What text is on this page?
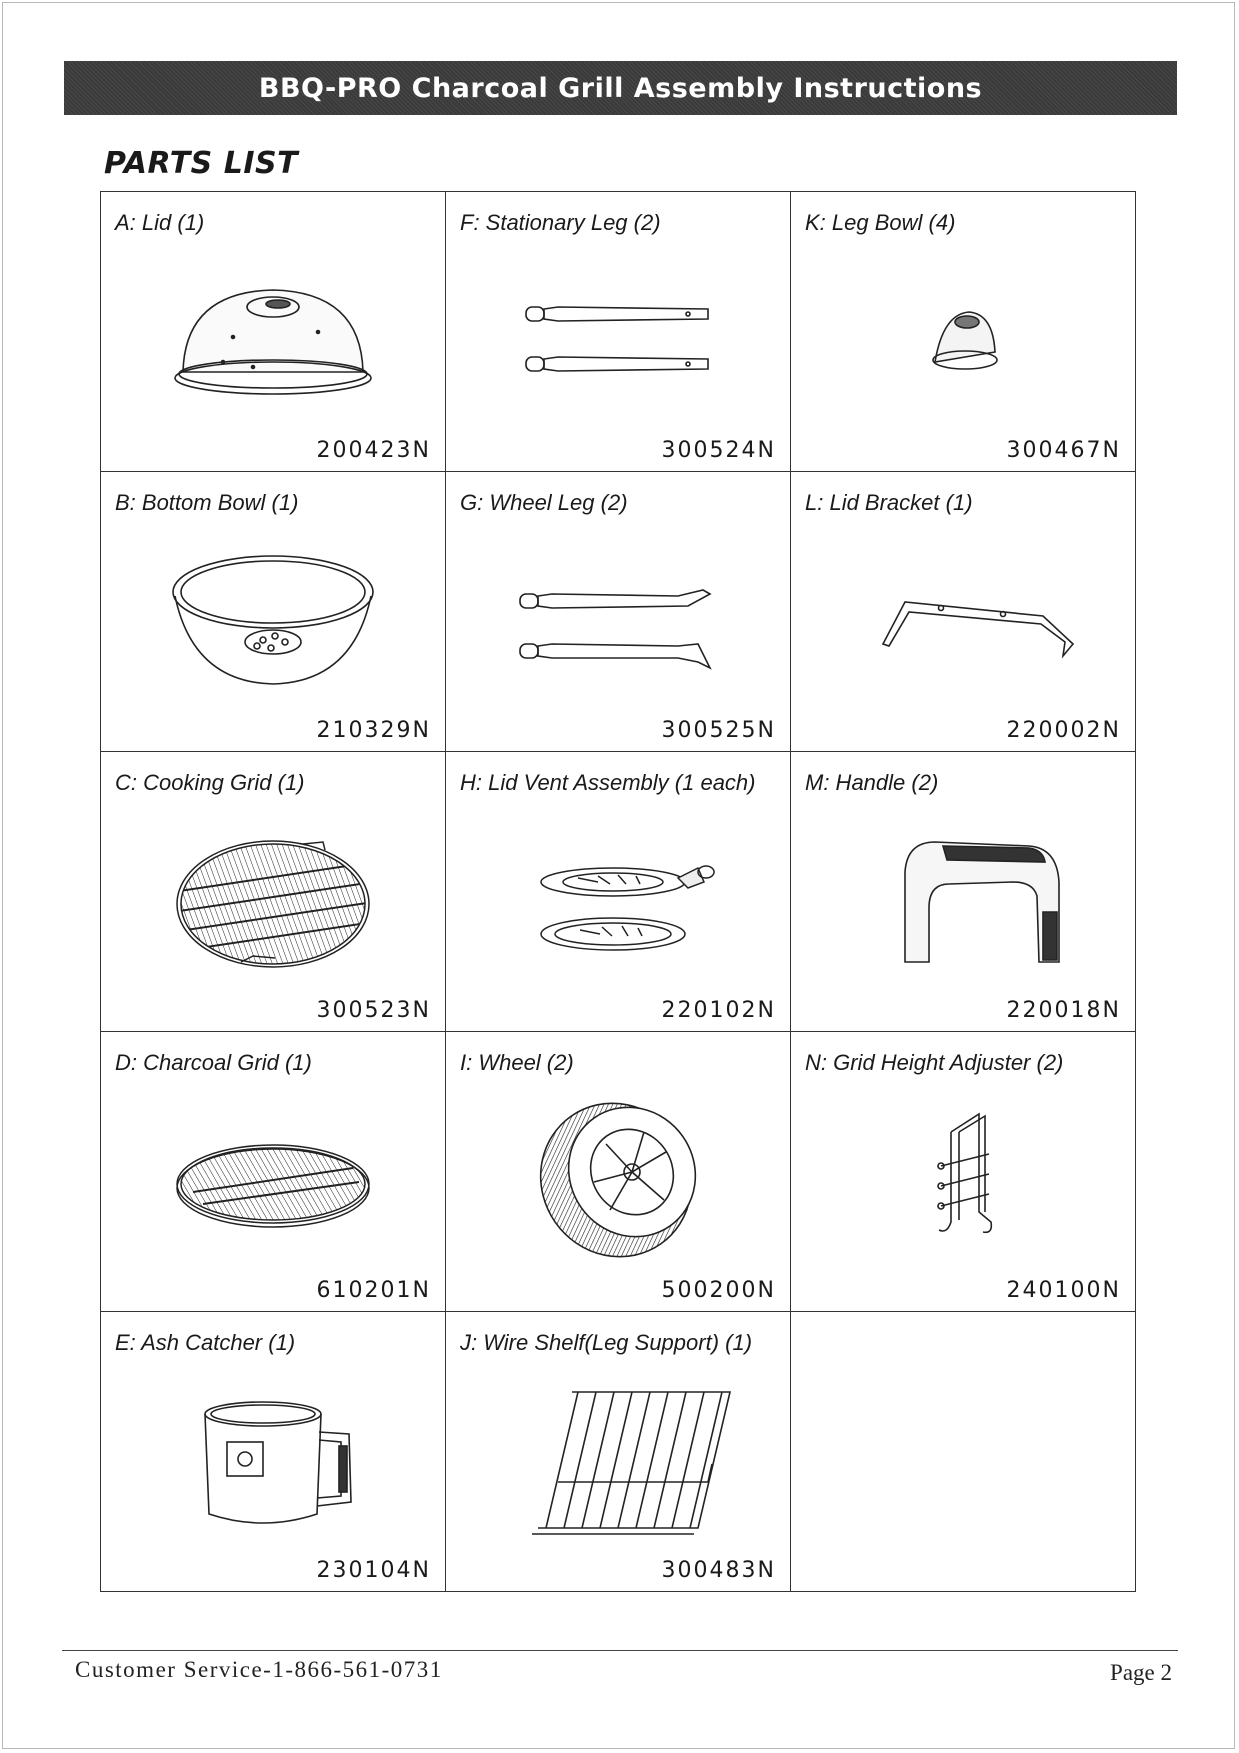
BBQ-PRO Charcoal Grill Assembly Instructions
PARTS LIST
A: Lid (1)
200423N
F: Stationary Leg (2)
300524N
K: Leg Bowl (4)
300467N
B: Bottom Bowl (1)
210329N
G: Wheel Leg (2)
300525N
L: Lid Bracket (1)
220002N
C: Cooking Grid (1)
300523N
H: Lid Vent Assembly (1 each)
220102N
M: Handle (2)
220018N
D: Charcoal Grid (1)
610201N
I: Wheel (2)
500200N
N: Grid Height Adjuster (2)
240100N
E: Ash Catcher (1)
230104N
J: Wire Shelf(Leg Support) (1)
300483N
Customer Service-1-866-561-0731	Page 2
